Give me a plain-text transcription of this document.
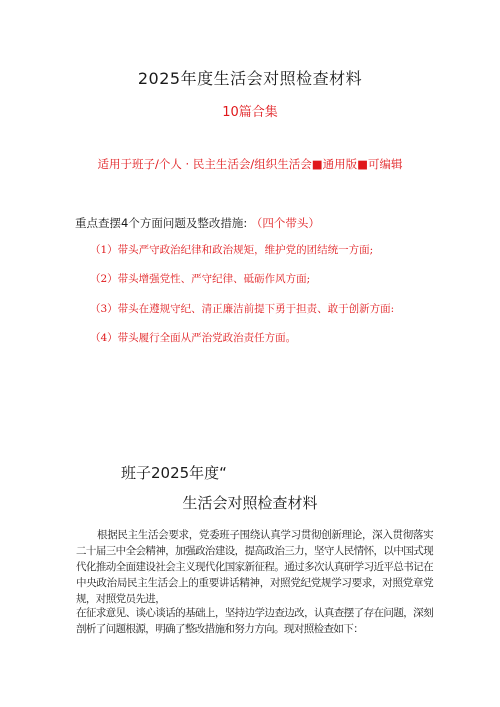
2025年度生活会对照检查材料
10篇合集
适用于班子/个人 · 民主生活会/组织生活会■通用版■可编辑
重点查摆4个方面问题及整改措施: （四个带头）
（1）带头严守政治纪律和政治规矩，维护党的团结统一方面;
（2）带头增强党性、严守纪律、砥砺作风方面;
（3）带头在遵规守纪、清正廉洁前提下勇于担责、敢于创新方面:
（4）带头履行全面从严治党政治责任方面。
班子2025年度“
生活会对照检查材料
根据民主生活会要求，党委班子围绕认真学习贯彻创新理论，深入贯彻落实二十届三中全会精神，加强政治建设，提高政治三力，坚守人民情怀，以中国式现代化推动全面建设社会主义现代化国家新征程。通过多次认真研学习近平总书记在中央政治局民主生活会上的重要讲话精神，对照党纪党规学习要求，对照党章党规，对照党员先进，
在征求意见、谈心谈话的基础上，坚持边学边查边改，认真查摆了存在问题，深刻剖析了问题根源，明确了整改措施和努力方向。现对照检查如下：
